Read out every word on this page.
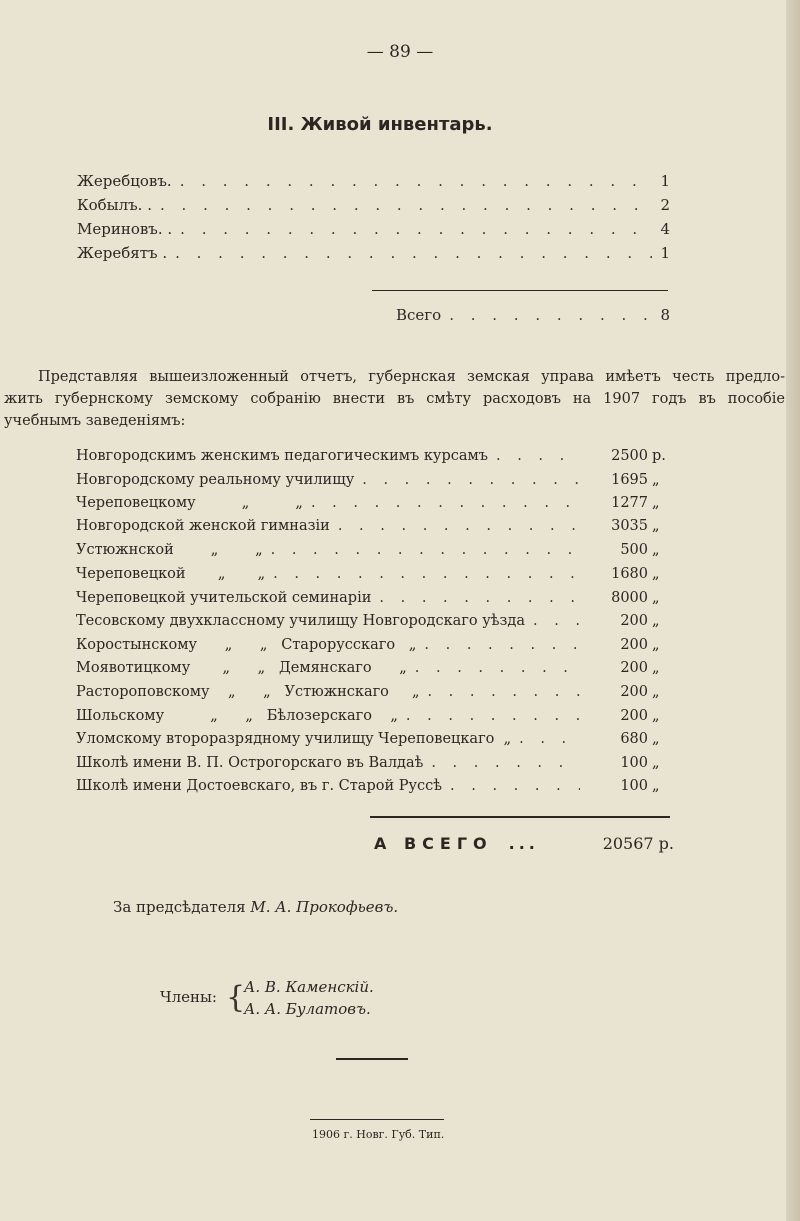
— 89 —
III. Живой инвентарь.
Жеребцовъ. . . .	1
Кобылъ. . . . .	2
Мериновъ. . . . .	4
Жеребятъ . . . .	1
Всего . . .	8

Представляя вышеизложенный отчетъ, губернская земская управа имѣетъ честь предло-

жить губернскому земскому собранію внести въ смѣту расходовъ на 1907 годъ въ пособіе

учебнымъ заведеніямъ:

Новгородскимъ женскимъ педагогическимъ курсамъ . . .	2500 р.
Новгородскому реальному училищу . . .	1695 „
Череповецкому          „          „ . . .	1277 „
Новгородской женской гимназіи . . .	3035 „
Устюжнской        „        „ . . .	500 „
Череповецкой       „       „ . . .	1680 „
Череповецкой учительской семинаріи . . .	8000 „
Тесовскому двухклассному училищу Новгородскаго уѣзда . . .	200 „
Коростынскому      „      „   Старорусскаго   „ . . .	200 „
Моявотицкому       „      „   Демянскаго      „ . . .	200 „
Растороповскому    „      „   Устюжнскаго     „ . . .	200 „
Шольскому          „      „   Бѣлозерскаго    „ . . .	200 „
Уломскому второразрядному училищу Череповецкаго  „ . . .	680 „
Школѣ имени В. П. Острогорскаго въ Валдаѣ . . .	100 „
Школѣ имени Достоевскаго, въ г. Старой Руссѣ . . .	100 „
А ВСЕГО ...	20567 р.
За предсѣдателя М. А. Прокофьевъ.
Члены: {
А. В. Каменскій.
А. А. Булатовъ.
1906 г. Новг. Губ. Тип.
